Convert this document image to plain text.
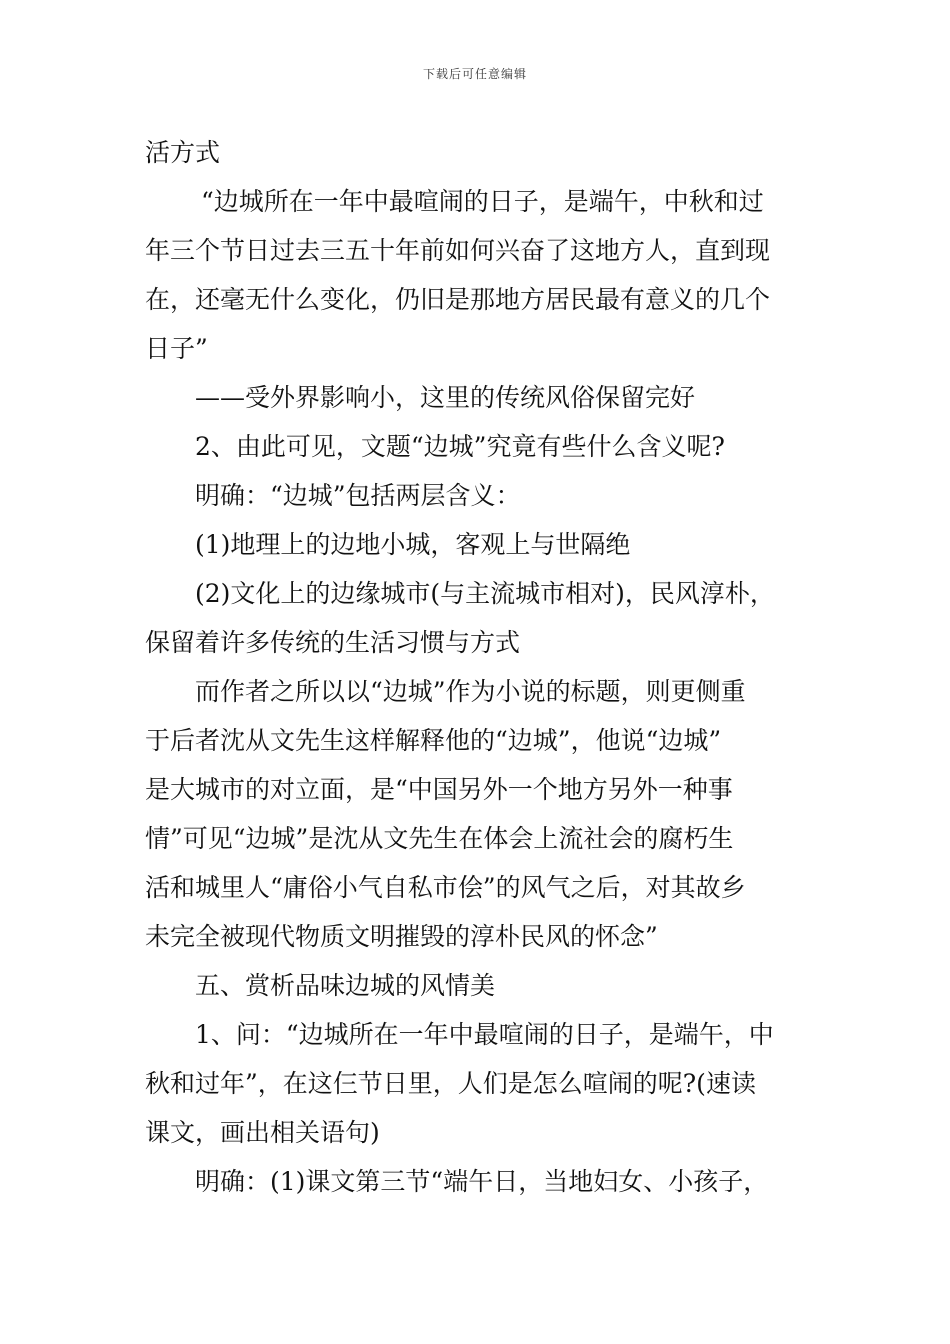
下载后可任意编辑
活方式
“边城所在一年中最喧闹的日子，是端午，中秋和过
年三个节日过去三五十年前如何兴奋了这地方人，直到现
在，还毫无什么变化，仍旧是那地方居民最有意义的几个
日子”
——受外界影响小，这里的传统风俗保留完好
2、由此可见，文题“边城”究竟有些什么含义呢?
明确：“边城”包括两层含义：
(1)地理上的边地小城，客观上与世隔绝
(2)文化上的边缘城市(与主流城市相对)，民风淳朴，
保留着许多传统的生活习惯与方式
而作者之所以以“边城”作为小说的标题，则更侧重
于后者沈从文先生这样解释他的“边城”，他说“边城”
是大城市的对立面，是“中国另外一个地方另外一种事
情”可见“边城”是沈从文先生在体会上流社会的腐朽生
活和城里人“庸俗小气自私市侩”的风气之后，对其故乡
未完全被现代物质文明摧毁的淳朴民风的怀念”
五、赏析品味边城的风情美
1、问：“边城所在一年中最喧闹的日子，是端午，中
秋和过年”，在这仨节日里，人们是怎么喧闹的呢?(速读
课文，画出相关语句)
明确：(1)课文第三节“端午日，当地妇女、小孩子，
